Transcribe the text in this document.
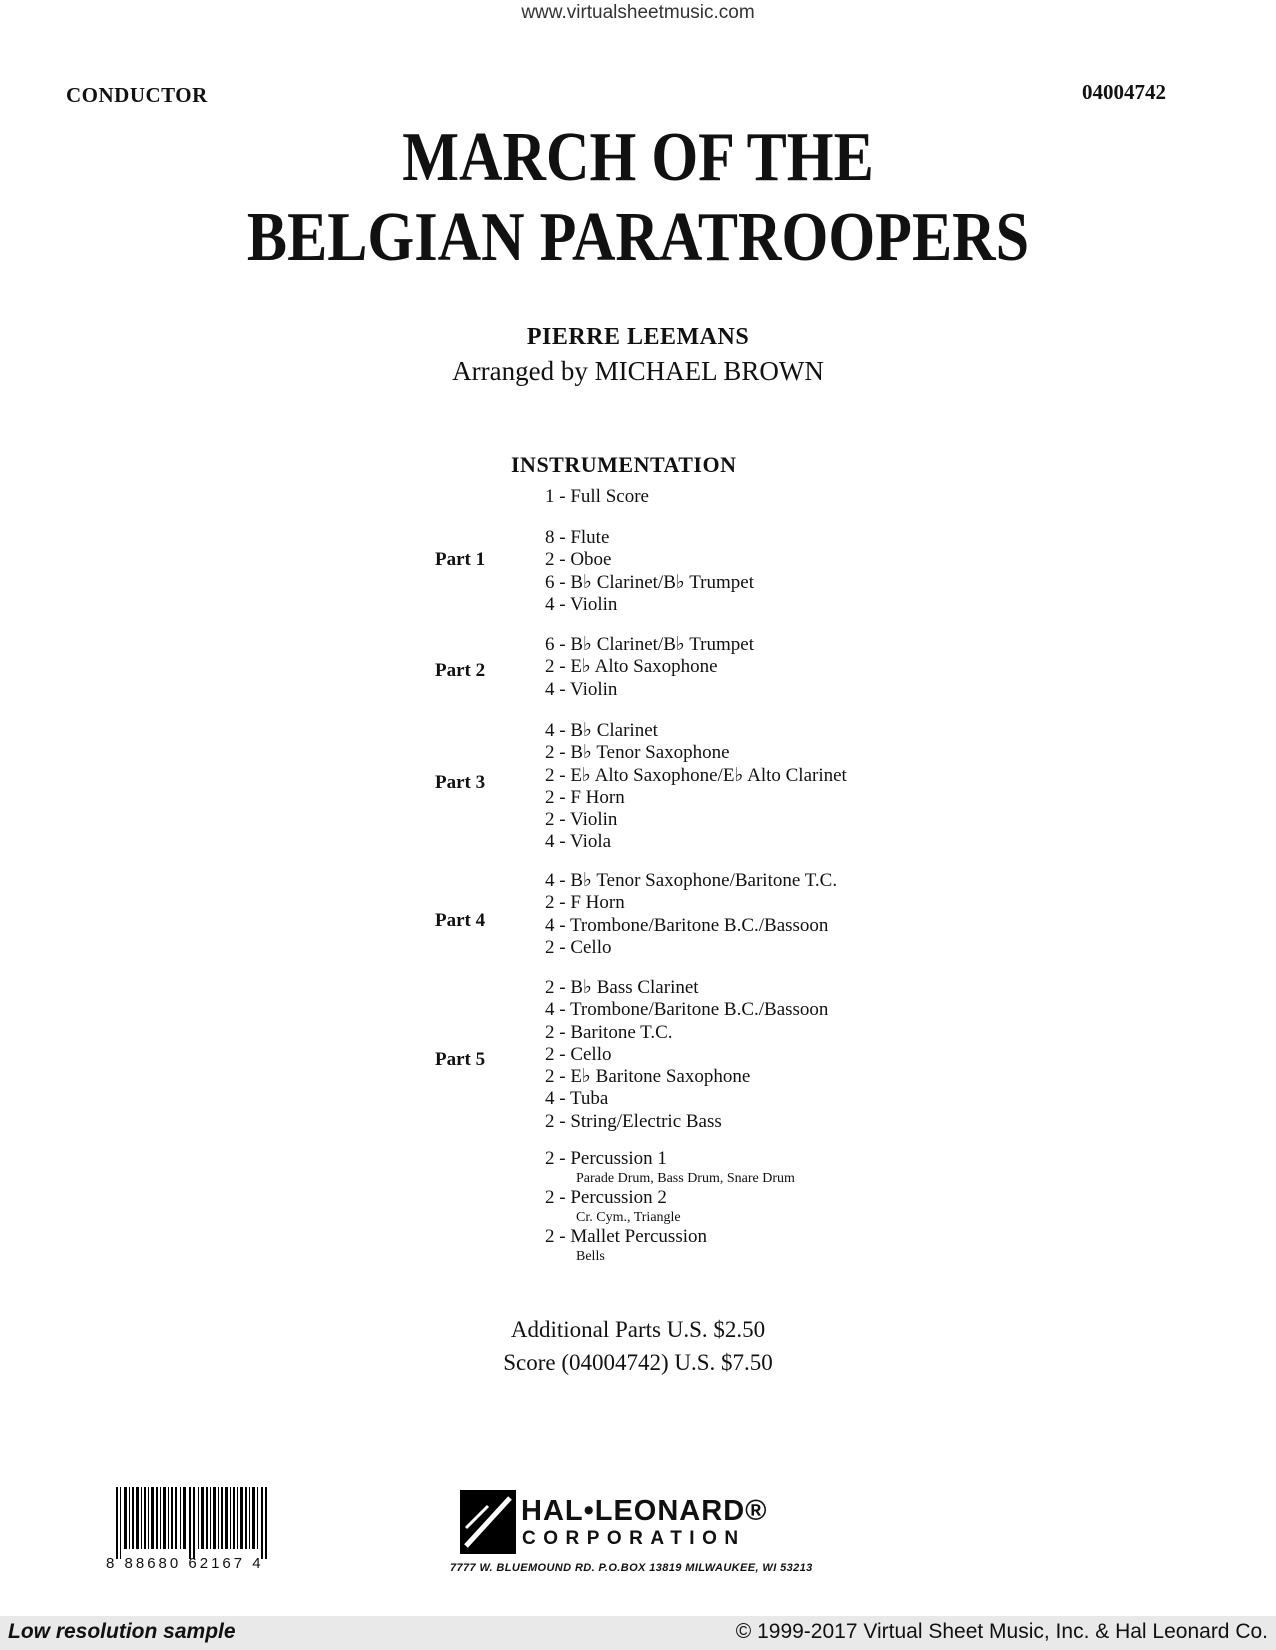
www.virtualsheetmusic.com
CONDUCTOR	04004742
MARCH OF THE
BELGIAN PARATROOPERS
PIERRE LEEMANS
Arranged by MICHAEL BROWN
INSTRUMENTATION
1 - Full Score
Part 1
8 - Flute
2 - Oboe
6 - B♭ Clarinet/B♭ Trumpet
4 - Violin
Part 2
6 - B♭ Clarinet/B♭ Trumpet
2 - E♭ Alto Saxophone
4 - Violin
Part 3
4 - B♭ Clarinet
2 - B♭ Tenor Saxophone
2 - E♭ Alto Saxophone/E♭ Alto Clarinet
2 - F Horn
2 - Violin
4 - Viola
Part 4
4 - B♭ Tenor Saxophone/Baritone T.C.
2 - F Horn
4 - Trombone/Baritone B.C./Bassoon
2 - Cello
Part 5
2 - B♭ Bass Clarinet
4 - Trombone/Baritone B.C./Bassoon
2 - Baritone T.C.
2 - Cello
2 - E♭ Baritone Saxophone
4 - Tuba
2 - String/Electric Bass
2 - Percussion 1
Parade Drum, Bass Drum, Snare Drum
2 - Percussion 2
Cr. Cym., Triangle
2 - Mallet Percussion
Bells
Additional Parts U.S. $2.50
Score (04004742) U.S. $7.50
8 88680 62167 4
HAL•LEONARD®
CORPORATION
7777 W. BLUEMOUND RD. P.O.BOX 13819 MILWAUKEE, WI 53213
Low resolution sample	© 1999-2017 Virtual Sheet Music, Inc. & Hal Leonard Co.
